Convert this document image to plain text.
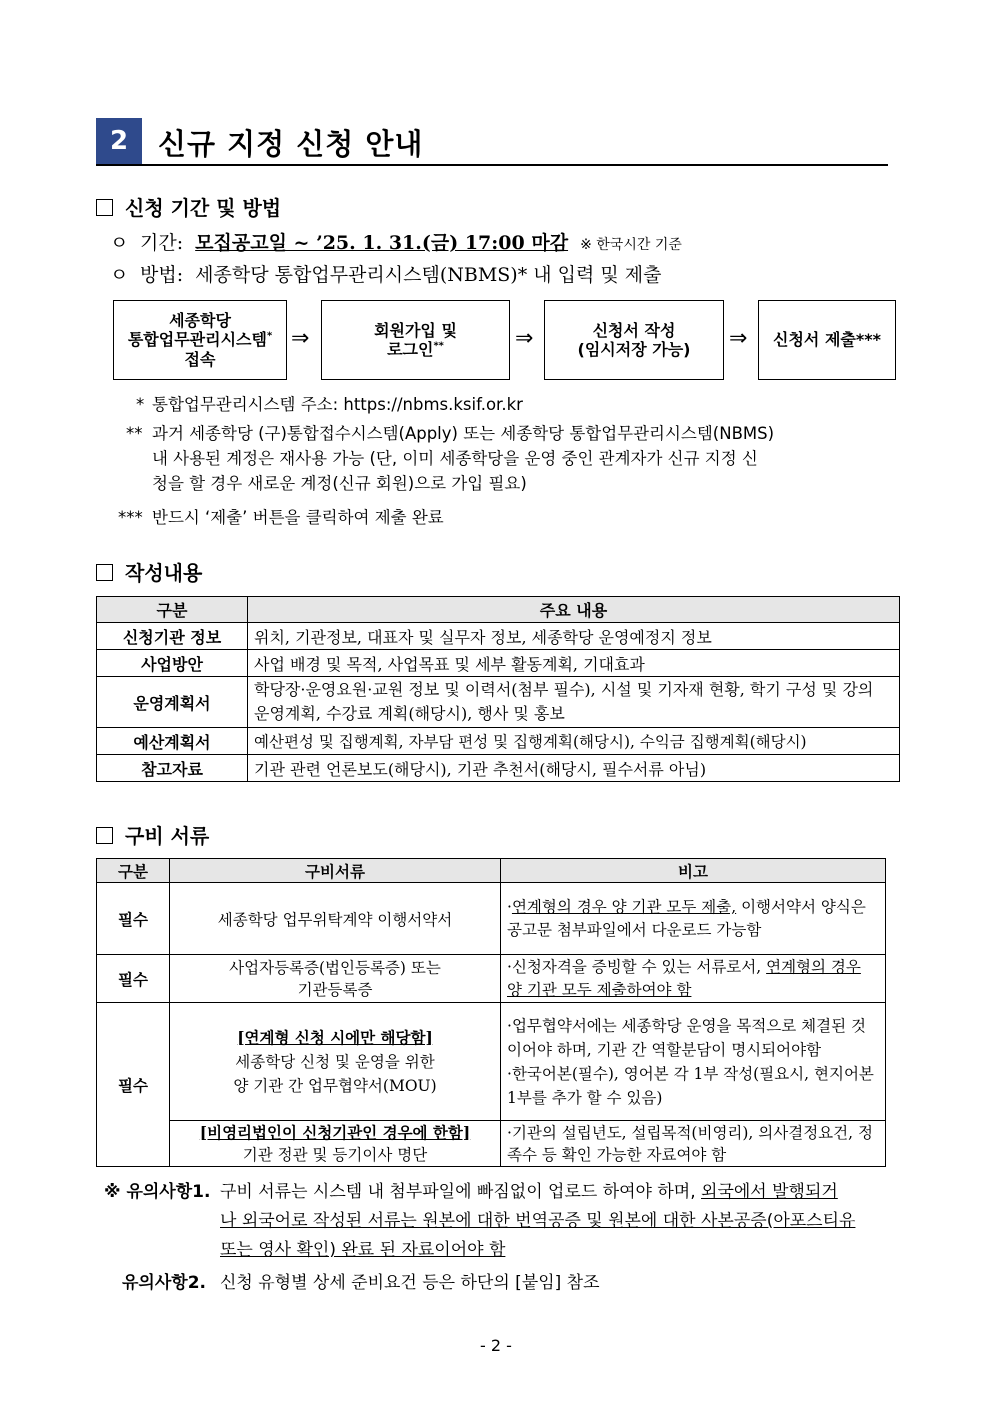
2	신규 지정 신청 안내
신청 기간 및 방법
ㅇ 기간: 모집공고일 ~ ’25. 1. 31.(금) 17:00 마감 ※ 한국시간 기준
ㅇ 방법: 세종학당 통합업무관리시스템(NBMS)* 내 입력 및 제출
세종학당
통합업무관리시스템*
접속
⇒	회원가입 및
로그인**	⇒	신청서 작성
(임시저장 가능) ⇒	신청서 제출***
* 통합업무관리시스템 주소: https://nbms.ksif.or.kr
** 과거 세종학당 (구)통합접수시스템(Apply) 또는 세종학당 통합업무관리시스템(NBMS)
내 사용된 계정은 재사용 가능 (단, 이미 세종학당을 운영 중인 관계자가 신규 지정 신
청을 할 경우 새로운 계정(신규 회원)으로 가입 필요)
*** 반드시 ‘제출’ 버튼을 클릭하여 제출 완료
작성내용
구분	주요 내용
신청기관 정보	위치, 기관정보, 대표자 및 실무자 정보, 세종학당 운영예정지 정보
사업방안	사업 배경 및 목적, 사업목표 및 세부 활동계획, 기대효과
운영계획서	학당장·운영요원·교원 정보 및 이력서(첨부 필수), 시설 및 기자재 현황, 학기 구성 및 강의 운영계획, 수강료 계획(해당시), 행사 및 홍보
예산계획서	예산편성 및 집행계획, 자부담 편성 및 집행계획(해당시), 수익금 집행계획(해당시)
참고자료	기관 관련 언론보도(해당시), 기관 추천서(해당시, 필수서류 아님)
구비 서류
구분	구비서류	비고
필수	세종학당 업무위탁계약 이행서약서	·연계형의 경우 양 기관 모두 제출, 이행서약서 양식은 공고문 첨부파일에서 다운로드 가능함
필수	사업자등록증(법인등록증) 또는
기관등록증	·신청자격을 증빙할 수 있는 서류로서, 연계형의 경우 양 기관 모두 제출하여야 함
필수	[연계형 신청 시에만 해당함]
세종학당 신청 및 운영을 위한
양 기관 간 업무협약서(MOU)	·업무협약서에는 세종학당 운영을 목적으로 체결된 것이어야 하며, 기관 간 역할분담이 명시되어야함
·한국어본(필수), 영어본 각 1부 작성(필요시, 현지어본 1부를 추가 할 수 있음)
	[비영리법인이 신청기관인 경우에 한함]
기관 정관 및 등기이사 명단	·기관의 설립년도, 설립목적(비영리), 의사결정요건, 정족수 등 확인 가능한 자료여야 함
※ 유의사항1. 구비 서류는 시스템 내 첨부파일에 빠짐없이 업로드 하여야 하며, 외국에서 발행되거
나 외국어로 작성된 서류는 원본에 대한 번역공증 및 원본에 대한 사본공증(아포스티유
또는 영사 확인) 완료 된 자료이어야 함
유의사항2. 신청 유형별 상세 준비요건 등은 하단의 [붙임] 참조
- 2 -
